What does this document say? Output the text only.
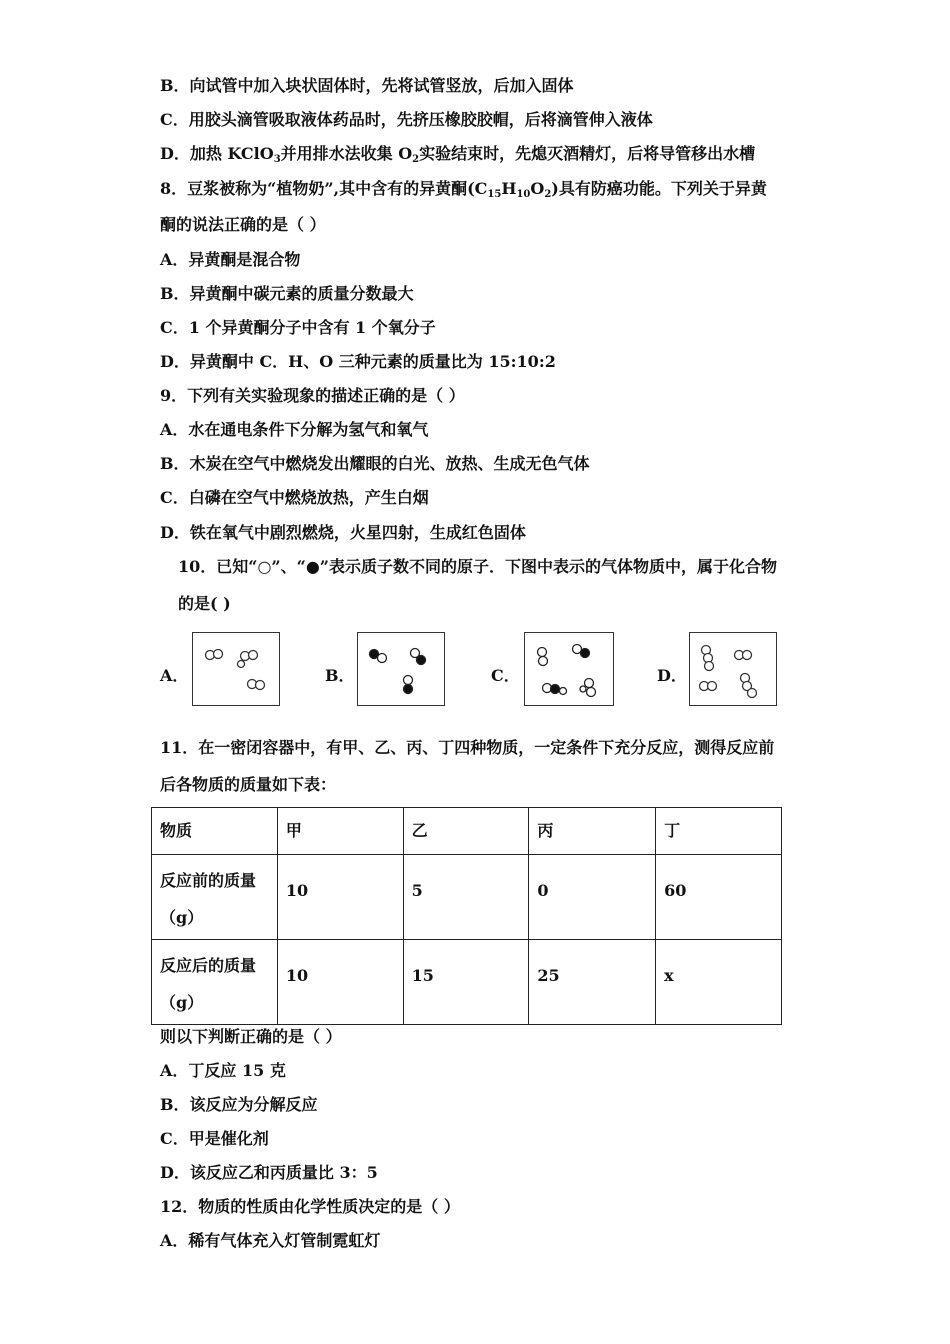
B．向试管中加入块状固体时，先将试管竖放，后加入固体
C．用胶头滴管吸取液体药品时，先挤压橡胶胶帽，后将滴管伸入液体
D．加热 KClO$_3$并用排水法收集 $O_2$实验结束时，先熄灭酒精灯，后将导管移出水槽
8．豆浆被称为“植物奶”,其中含有的异黄酮$(C_{15}H_{10}O_2)$具有防癌功能。下列关于异黄
酮的说法正确的是（ ）
A．异黄酮是混合物
B．异黄酮中碳元素的质量分数最大
C．1 个异黄酮分子中含有 1 个氧分子
D．异黄酮中 C．H、O 三种元素的质量比为 15:10:2
9．下列有关实验现象的描述正确的是（ ）
A．水在通电条件下分解为氢气和氧气
B．木炭在空气中燃烧发出耀眼的白光、放热、生成无色气体
C．白磷在空气中燃烧放热，产生白烟
D．铁在氧气中剧烈燃烧，火星四射，生成红色固体
10．已知“○”、“●”表示质子数不同的原子．下图中表示的气体物质中，属于化合物
的是( )
A．	B．	C．	D．
11．在一密闭容器中，有甲、乙、丙、丁四种物质，一定条件下充分反应，测得反应前
后各物质的质量如下表：
物质	甲	乙	丙	丁

反应前的质量
（g）	10	5	0	60

反应后的质量
（g）	10	15	25	x
则以下判断正确的是（ ）
A．丁反应 15 克
B．该反应为分解反应
C．甲是催化剂
D．该反应乙和丙质量比 3：5
12．物质的性质由化学性质决定的是（ ）
A．稀有气体充入灯管制霓虹灯
